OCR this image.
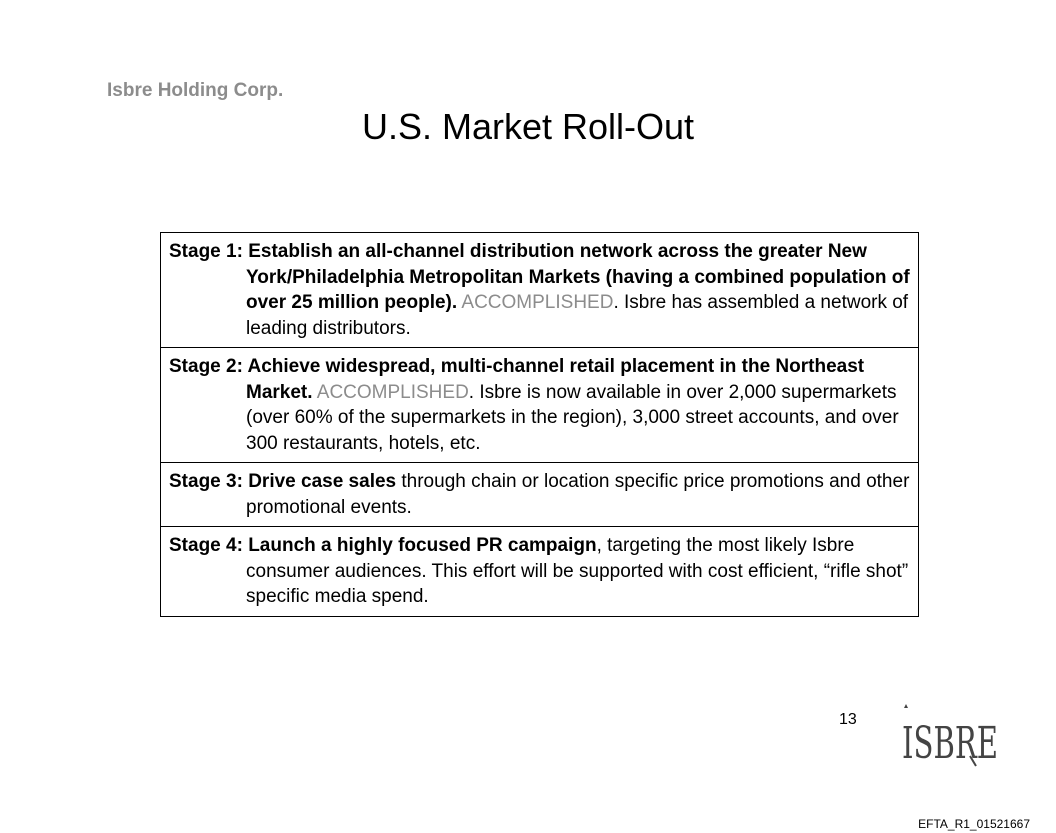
Isbre Holding Corp.
U.S. Market Roll-Out

Stage 1: Establish an all-channel distribution network across the greater New York/Philadelphia Metropolitan Markets (having a combined population of over 25 million people). ACCOMPLISHED. Isbre has assembled a network of leading distributors.

Stage 2: Achieve widespread, multi-channel retail placement in the Northeast Market. ACCOMPLISHED. Isbre is now available in over 2,000 supermarkets (over 60% of the supermarkets in the region), 3,000 street accounts, and over 300 restaurants, hotels, etc.

Stage 3: Drive case sales through chain or location specific price promotions and other promotional events.

Stage 4: Launch a highly focused PR campaign, targeting the most likely Isbre consumer audiences. This effort will be supported with cost efficient, “rifle shot” specific media spend.

13 ISBRE
EFTA_R1_01521667
